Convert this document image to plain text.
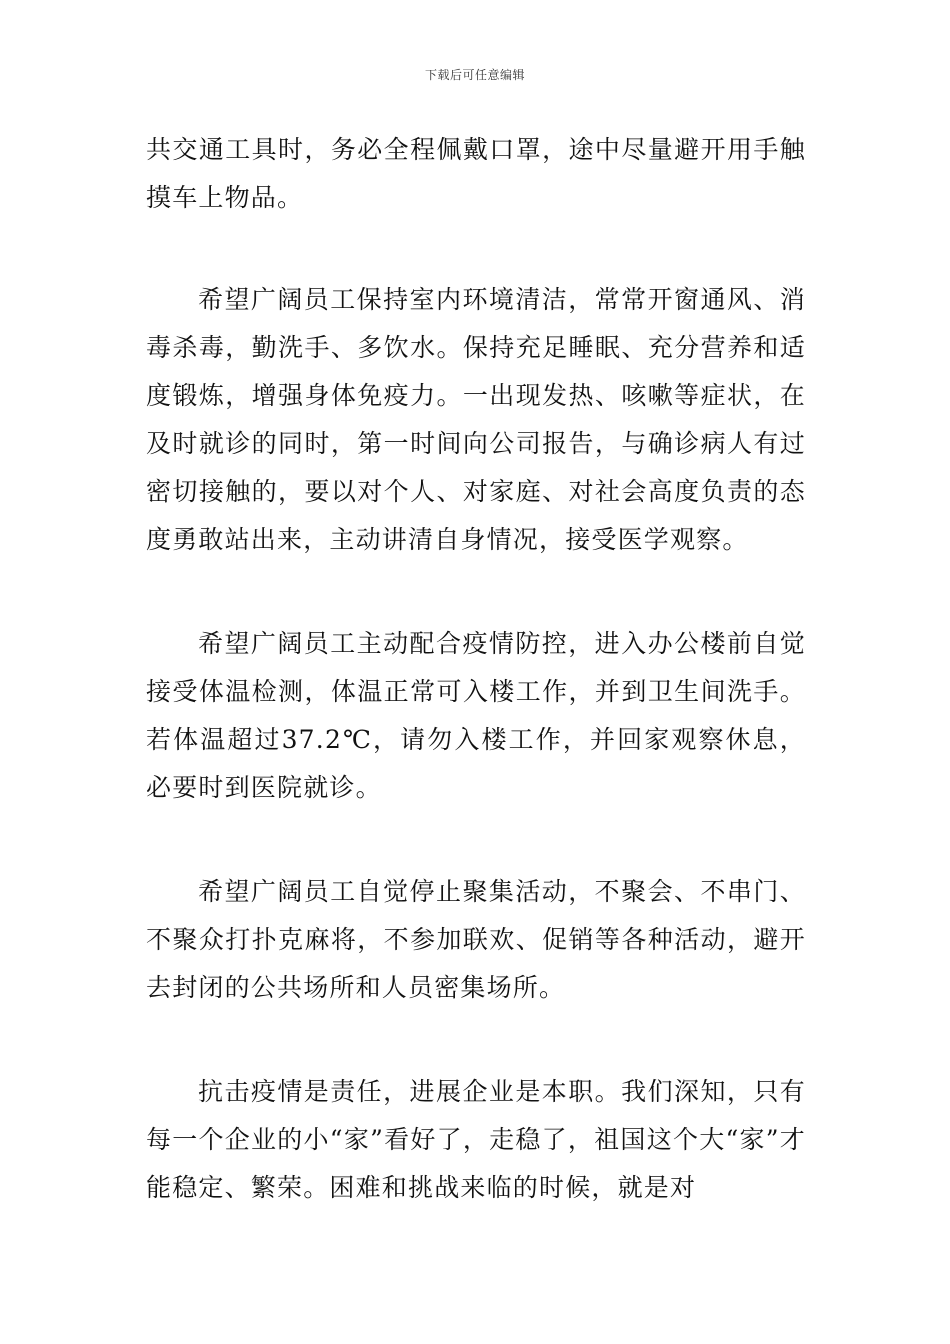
下载后可任意编辑

共交通工具时，务必全程佩戴口罩，途中尽量避开用手触摸车上物品。

希望广阔员工保持室内环境清洁，常常开窗通风、消毒杀毒，勤洗手、多饮水。保持充足睡眠、充分营养和适度锻炼，增强身体免疫力。一出现发热、咳嗽等症状，在及时就诊的同时，第一时间向公司报告，与确诊病人有过密切接触的，要以对个人、对家庭、对社会高度负责的态度勇敢站出来，主动讲清自身情况，接受医学观察。

希望广阔员工主动配合疫情防控，进入办公楼前自觉接受体温检测，体温正常可入楼工作，并到卫生间洗手。若体温超过37.2℃，请勿入楼工作，并回家观察休息，必要时到医院就诊。

希望广阔员工自觉停止聚集活动，不聚会、不串门、不聚众打扑克麻将，不参加联欢、促销等各种活动，避开去封闭的公共场所和人员密集场所。

抗击疫情是责任，进展企业是本职。我们深知，只有每一个企业的小“家”看好了，走稳了，祖国这个大“家”才能稳定、繁荣。困难和挑战来临的时候，就是对
